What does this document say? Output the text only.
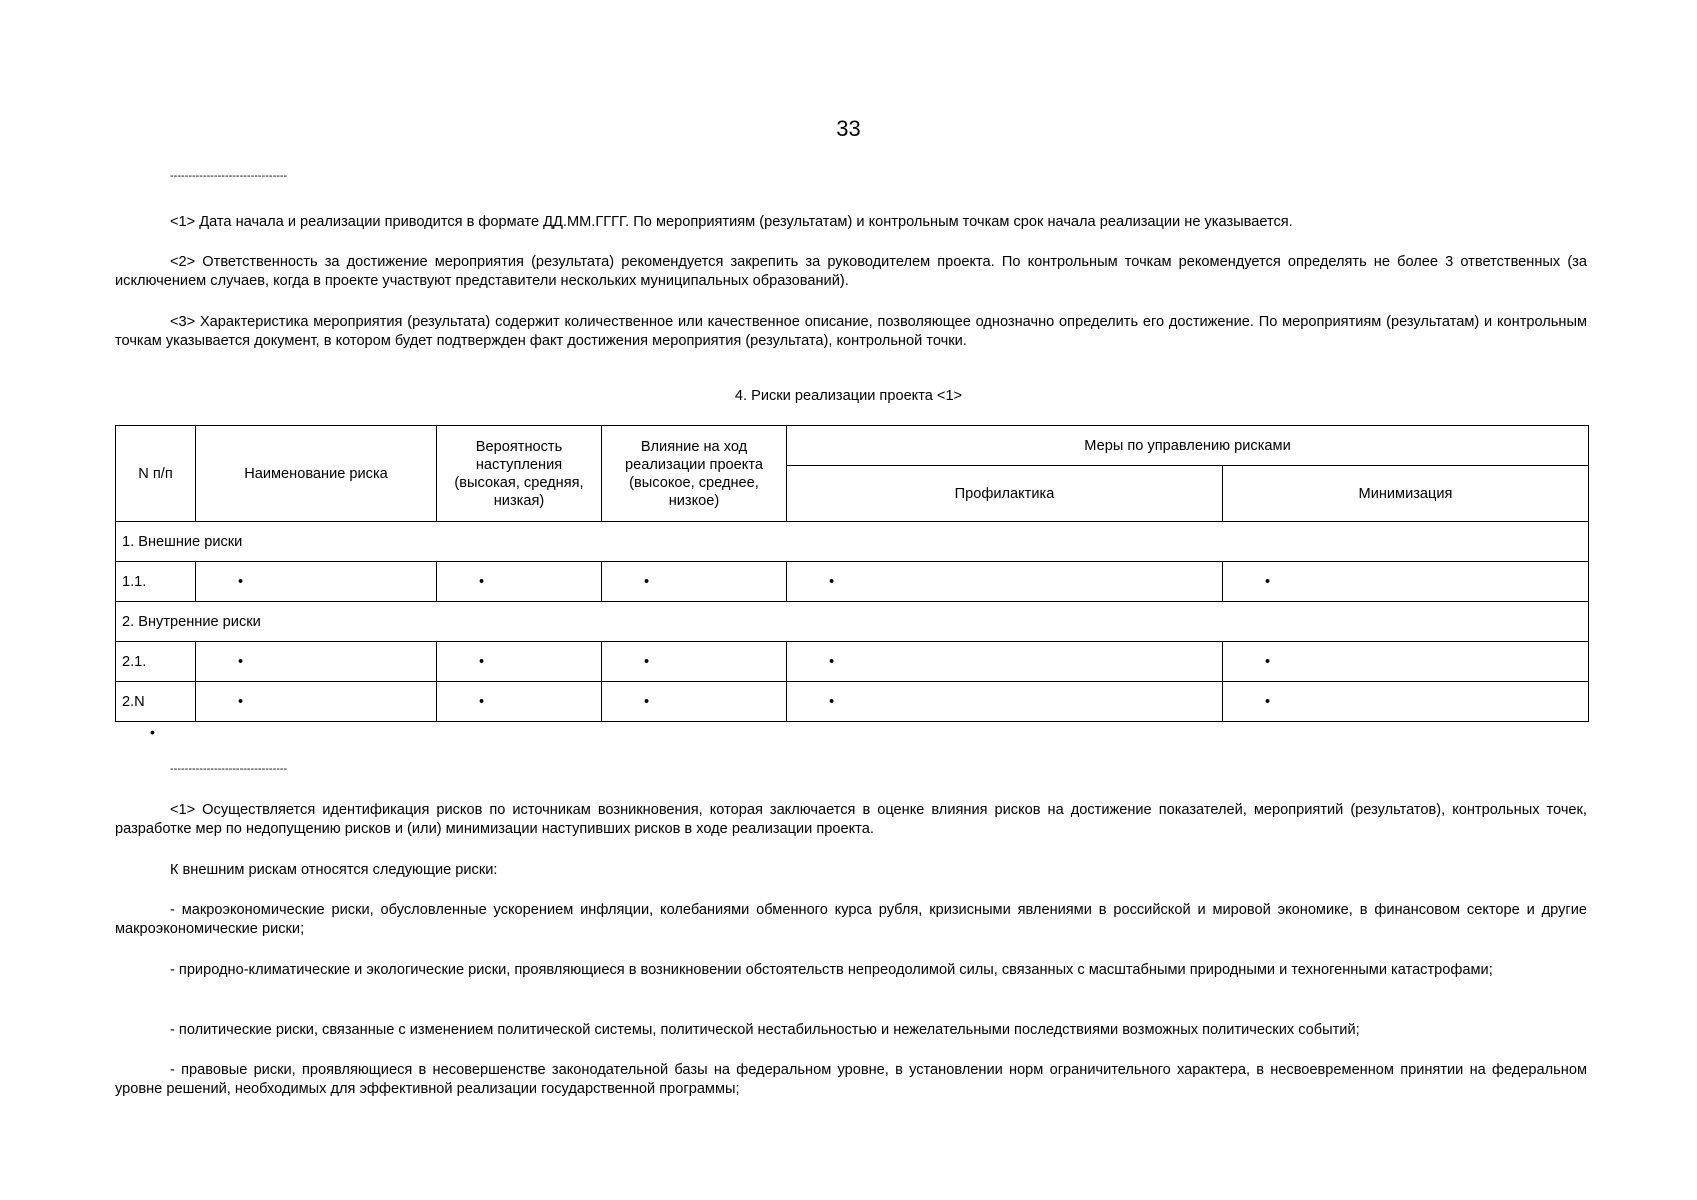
33
--------------------------------

<1> Дата начала и реализации приводится в формате ДД.ММ.ГГГГ. По мероприятиям (результатам) и контрольным точкам срок начала реализации не указывается.

<2> Ответственность за достижение мероприятия (результата) рекомендуется закрепить за руководителем проекта. По контрольным точкам рекомендуется определять не более 3 ответственных (за исключением случаев, когда в проекте участвуют представители нескольких муниципальных образований).

<3> Характеристика мероприятия (результата) содержит количественное или качественное описание, позволяющее однозначно определить его достижение. По мероприятиям (результатам) и контрольным точкам указывается документ, в котором будет подтвержден факт достижения мероприятия (результата), контрольной точки.

4. Риски реализации проекта <1>
N п/п	Наименование риска	Вероятность наступления (высокая, средняя, низкая)	Влияние на ход реализации проекта (высокое, среднее, низкое)	Меры по управлению рисками	
				Профилактика	Минимизация
1. Внешние риски					
1.1.	•	•	•	•	•
2. Внутренние риски					
2.1.	•	•	•	•	•
2.N	•	•	•	•	•
•
--------------------------------

<1> Осуществляется идентификация рисков по источникам возникновения, которая заключается в оценке влияния рисков на достижение показателей, мероприятий (результатов), контрольных точек, разработке мер по недопущению рисков и (или) минимизации наступивших рисков в ходе реализации проекта.

К внешним рискам относятся следующие риски:

- макроэкономические риски, обусловленные ускорением инфляции, колебаниями обменного курса рубля, кризисными явлениями в российской и мировой экономике, в финансовом секторе и другие макроэкономические риски;

- природно-климатические и экологические риски, проявляющиеся в возникновении обстоятельств непреодолимой силы, связанных с масштабными природными и техногенными катастрофами;

- политические риски, связанные с изменением политической системы, политической нестабильностью и нежелательными последствиями возможных политических событий;

- правовые риски, проявляющиеся в несовершенстве законодательной базы на федеральном уровне, в установлении норм ограничительного характера, в несвоевременном принятии на федеральном уровне решений, необходимых для эффективной реализации государственной программы;
